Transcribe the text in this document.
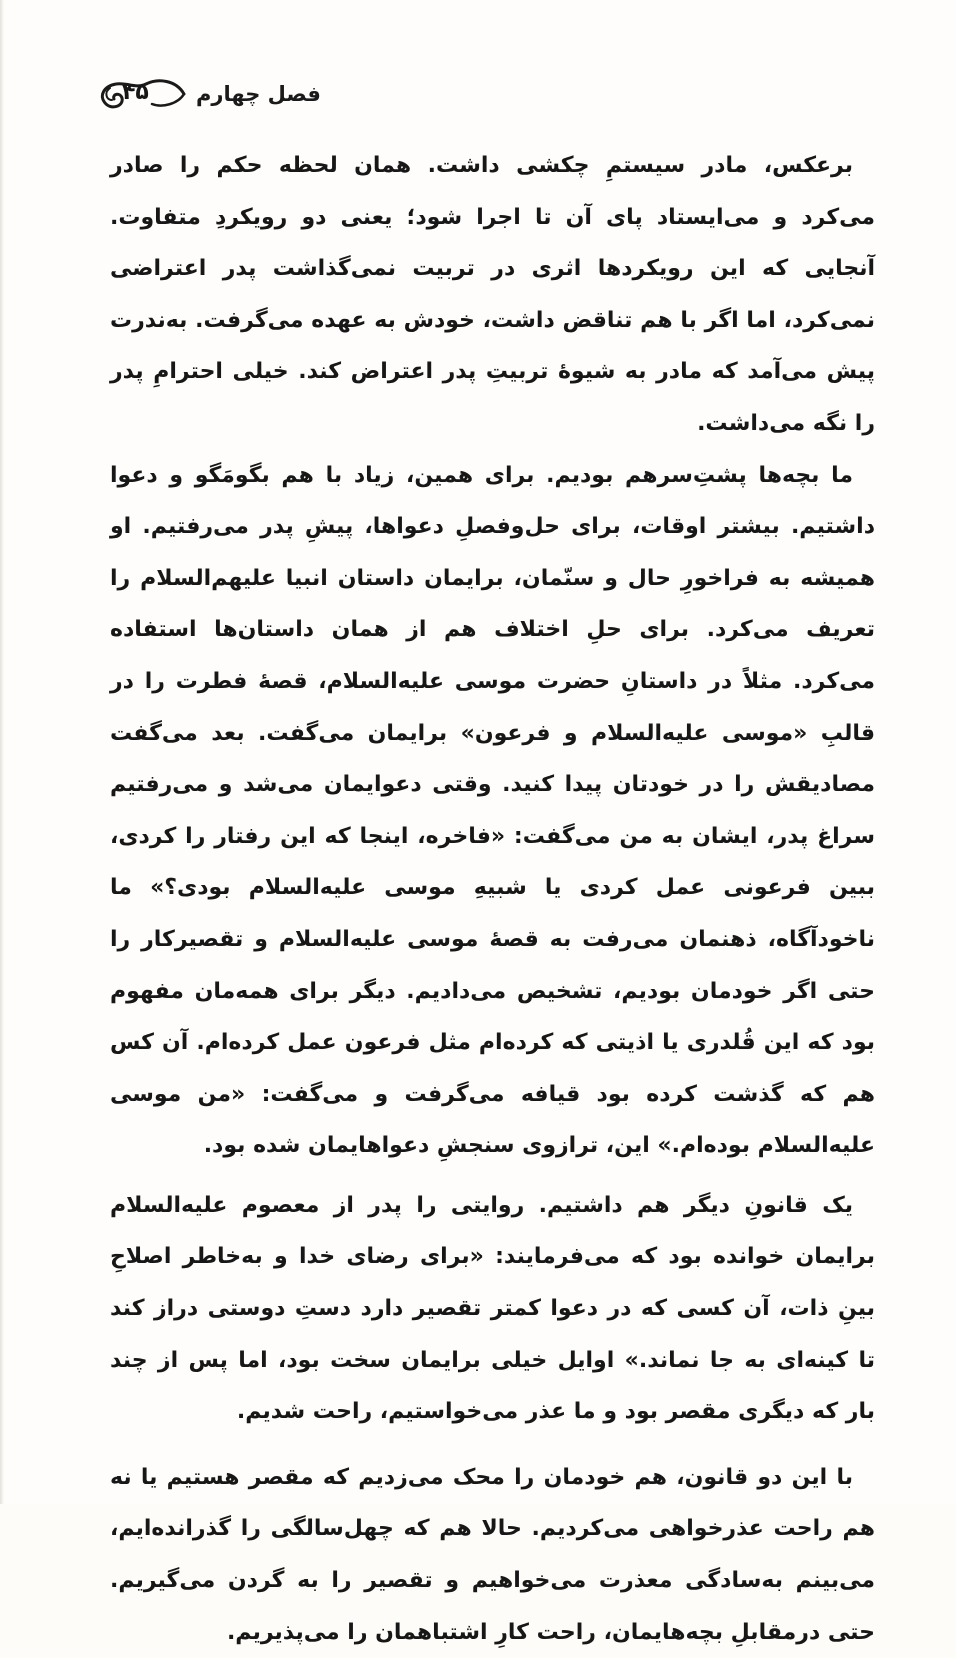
فصل چهارم
۴۵

برعکس، مادر سیستمِ چکشی داشت. همان لحظه حکم را صادر می‌کرد و می‌ایستاد پای آن تا اجرا شود؛ یعنی دو رویکردِ متفاوت. آنجایی که این رویکردها اثری در تربیت نمی‌گذاشت پدر اعتراضی نمی‌کرد، اما اگر با هم تناقض داشت، خودش به عهده می‌گرفت. به‌ندرت پیش می‌آمد که مادر به شیوهٔ تربیتِ پدر اعتراض کند. خیلی احترامِ پدر را نگه می‌داشت.

ما بچه‌ها پشتِ‌سرهم بودیم. برای همین، زیاد با هم بگومَگو و دعوا داشتیم. بیشتر اوقات، برای حل‌وفصلِ دعواها، پیشِ پدر می‌رفتیم. او همیشه به فراخورِ حال و سنّمان، برایمان داستان انبیا علیهم‌السلام را تعریف می‌کرد. برای حلِ اختلاف هم از همان داستان‌ها استفاده می‌کرد. مثلاً در داستانِ حضرت موسی علیه‌السلام، قصهٔ فطرت را در قالبِ «موسی علیه‌السلام و فرعون» برایمان می‌گفت. بعد می‌گفت مصادیقش را در خودتان پیدا کنید. وقتی دعوایمان می‌شد و می‌رفتیم سراغ پدر، ایشان به من می‌گفت: «فاخره، اینجا که این رفتار را کردی، ببین فرعونی عمل کردی یا شبیهِ موسی علیه‌السلام بودی؟» ما ناخودآگاه، ذهنمان می‌رفت به قصهٔ موسی علیه‌السلام و تقصیرکار را حتی اگر خودمان بودیم، تشخیص می‌دادیم. دیگر برای همه‌مان مفهوم بود که این قُلدری یا اذیتی که کرده‌ام مثل فرعون عمل کرده‌ام. آن کس هم که گذشت کرده بود قیافه می‌گرفت و می‌گفت: «من موسی علیه‌السلام بوده‌ام.» این، ترازوی سنجشِ دعواهایمان شده بود.

یک قانونِ دیگر هم داشتیم. روایتی را پدر از معصوم علیه‌السلام برایمان خوانده بود که می‌فرمایند: «برای رضای خدا و به‌خاطر اصلاحِ بینِ ذات، آن کسی که در دعوا کمتر تقصیر دارد دستِ دوستی دراز کند تا کینه‌ای به جا نماند.» اوایل خیلی برایمان سخت بود، اما پس از چند بار که دیگری مقصر بود و ما عذر می‌خواستیم، راحت شدیم.

با این دو قانون، هم خودمان را محک می‌زدیم که مقصر هستیم یا نه هم راحت عذرخواهی می‌کردیم. حالا هم که چهل‌سالگی را گذرانده‌ایم، می‌بینم به‌سادگی معذرت می‌خواهیم و تقصیر را به گردن می‌گیریم. حتی درمقابلِ بچه‌هایمان، راحت کارِ اشتباهمان را می‌پذیریم.
